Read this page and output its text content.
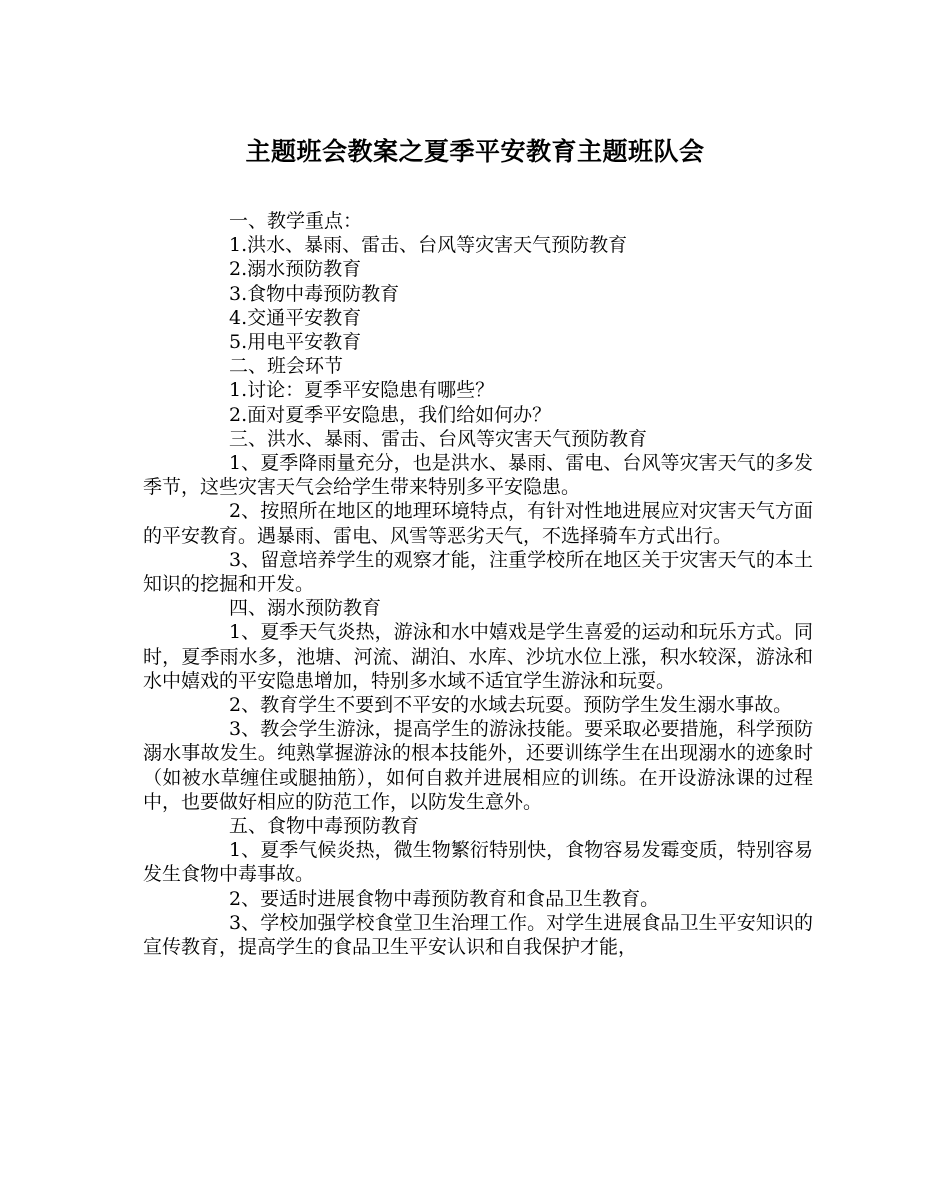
主题班会教案之夏季平安教育主题班队会

一、教学重点：

1.洪水、暴雨、雷击、台风等灾害天气预防教育

2.溺水预防教育

3.食物中毒预防教育

4.交通平安教育

5.用电平安教育

二、班会环节

1.讨论：夏季平安隐患有哪些？

2.面对夏季平安隐患，我们给如何办？

三、洪水、暴雨、雷击、台风等灾害天气预防教育

1、夏季降雨量充分，也是洪水、暴雨、雷电、台风等灾害天气的多发季节，这些灾害天气会给学生带来特别多平安隐患。

2、按照所在地区的地理环境特点，有针对性地进展应对灾害天气方面的平安教育。遇暴雨、雷电、风雪等恶劣天气，不选择骑车方式出行。

3、留意培养学生的观察才能，注重学校所在地区关于灾害天气的本土知识的挖掘和开发。

四、溺水预防教育

1、夏季天气炎热，游泳和水中嬉戏是学生喜爱的运动和玩乐方式。同时，夏季雨水多，池塘、河流、湖泊、水库、沙坑水位上涨，积水较深，游泳和水中嬉戏的平安隐患增加，特别多水域不适宜学生游泳和玩耍。

2、教育学生不要到不平安的水域去玩耍。预防学生发生溺水事故。

3、教会学生游泳，提高学生的游泳技能。要采取必要措施，科学预防溺水事故发生。纯熟掌握游泳的根本技能外，还要训练学生在出现溺水的迹象时（如被水草缠住或腿抽筋），如何自救并进展相应的训练。在开设游泳课的过程中，也要做好相应的防范工作，以防发生意外。

五、食物中毒预防教育

1、夏季气候炎热，微生物繁衍特别快，食物容易发霉变质，特别容易发生食物中毒事故。

2、要适时进展食物中毒预防教育和食品卫生教育。

3、学校加强学校食堂卫生治理工作。对学生进展食品卫生平安知识的宣传教育，提高学生的食品卫生平安认识和自我保护才能，
